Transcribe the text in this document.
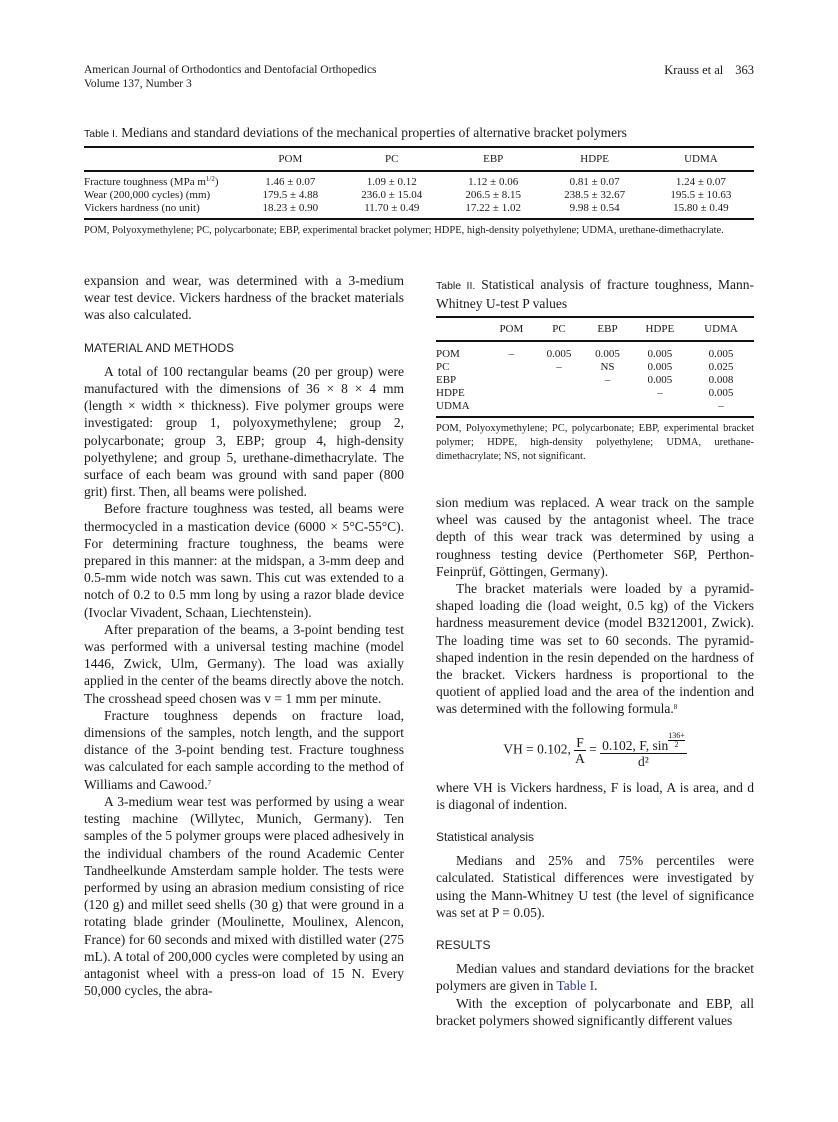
American Journal of Orthodontics and Dentofacial Orthopedics
Volume 137, Number 3
Krauss et al 363
Table I. Medians and standard deviations of the mechanical properties of alternative bracket polymers
	POM	PC	EBP	HDPE	UDMA

Fracture toughness (MPa $m^{1/2}$)	1.46 ± 0.07	1.09 ± 0.12	1.12 ± 0.06	0.81 ± 0.07	1.24 ± 0.07
Wear (200,000 cycles) (mm)	179.5 ± 4.88	236.0 ± 15.04	206.5 ± 8.15	238.5 ± 32.67	195.5 ± 10.63
Vickers hardness (no unit)	18.23 ± 0.90	11.70 ± 0.49	17.22 ± 1.02	9.98 ± 0.54	15.80 ± 0.49

POM, Polyoxymethylene; PC, polycarbonate; EBP, experimental bracket polymer; HDPE, high-density polyethylene; UDMA, urethane-dimethacrylate.

expansion and wear, was determined with a 3-medium wear test device. Vickers hardness of the bracket materials was also calculated.

MATERIAL AND METHODS

A total of 100 rectangular beams (20 per group) were manufactured with the dimensions of 36 × 8 × 4 mm (length × width × thickness). Five polymer groups were investigated: group 1, polyoxymethylene; group 2, polycarbonate; group 3, EBP; group 4, high-density polyethylene; and group 5, urethane-dimethacrylate. The surface of each beam was ground with sand paper (800 grit) first. Then, all beams were polished.

Before fracture toughness was tested, all beams were thermocycled in a mastication device (6000 × 5°C-55°C). For determining fracture toughness, the beams were prepared in this manner: at the midspan, a 3-mm deep and 0.5-mm wide notch was sawn. This cut was extended to a notch of 0.2 to 0.5 mm long by using a razor blade device (Ivoclar Vivadent, Schaan, Liechtenstein).

After preparation of the beams, a 3-point bending test was performed with a universal testing machine (model 1446, Zwick, Ulm, Germany). The load was axially applied in the center of the beams directly above the notch. The crosshead speed chosen was v = 1 mm per minute.

Fracture toughness depends on fracture load, dimensions of the samples, notch length, and the support distance of the 3-point bending test. Fracture toughness was calculated for each sample according to the method of Williams and Cawood.$^7$

A 3-medium wear test was performed by using a wear testing machine (Willytec, Munich, Germany). Ten samples of the 5 polymer groups were placed adhesively in the individual chambers of the round Academic Center Tandheelkunde Amsterdam sample holder. The tests were performed by using an abrasion medium consisting of rice (120 g) and millet seed shells (30 g) that were ground in a rotating blade grinder (Moulinette, Moulinex, Alencon, France) for 60 seconds and mixed with distilled water (275 mL). A total of 200,000 cycles were completed by using an antagonist wheel with a press-on load of 15 N. Every 50,000 cycles, the abra-

Table II. Statistical analysis of fracture toughness, Mann-Whitney U-test P values
	POM	PC	EBP	HDPE	UDMA

POM	–	0.005	0.005	0.005	0.005
PC		–	NS	0.005	0.025
EBP			–	0.005	0.008
HDPE				–	0.005
UDMA					–

POM, Polyoxymethylene; PC, polycarbonate; EBP, experimental bracket polymer; HDPE, high-density polyethylene; UDMA, urethane-dimethacrylate; NS, not significant.

sion medium was replaced. A wear track on the sample wheel was caused by the antagonist wheel. The trace depth of this wear track was determined by using a roughness testing device (Perthometer S6P, Perthon-Feinprüf, Göttingen, Germany).

The bracket materials were loaded by a pyramid-shaped loading die (load weight, 0.5 kg) of the Vickers hardness measurement device (model B3212001, Zwick). The loading time was set to 60 seconds. The pyramid-shaped indention in the resin depended on the hardness of the bracket. Vickers hardness is proportional to the quotient of applied load and the area of the indention and was determined with the following formula.$^8$

VH = 0.102, $\frac{F}{A} = \frac{0.102, F, \sin \frac{136+}{2}}{\text{d²}}$

where VH is Vickers hardness, F is load, A is area, and d is diagonal of indention.

Statistical analysis

Medians and 25% and 75% percentiles were calculated. Statistical differences were investigated by using the Mann-Whitney U test (the level of significance was set at P = 0.05).

RESULTS

Median values and standard deviations for the bracket polymers are given in Table I.

With the exception of polycarbonate and EBP, all bracket polymers showed significantly different values
